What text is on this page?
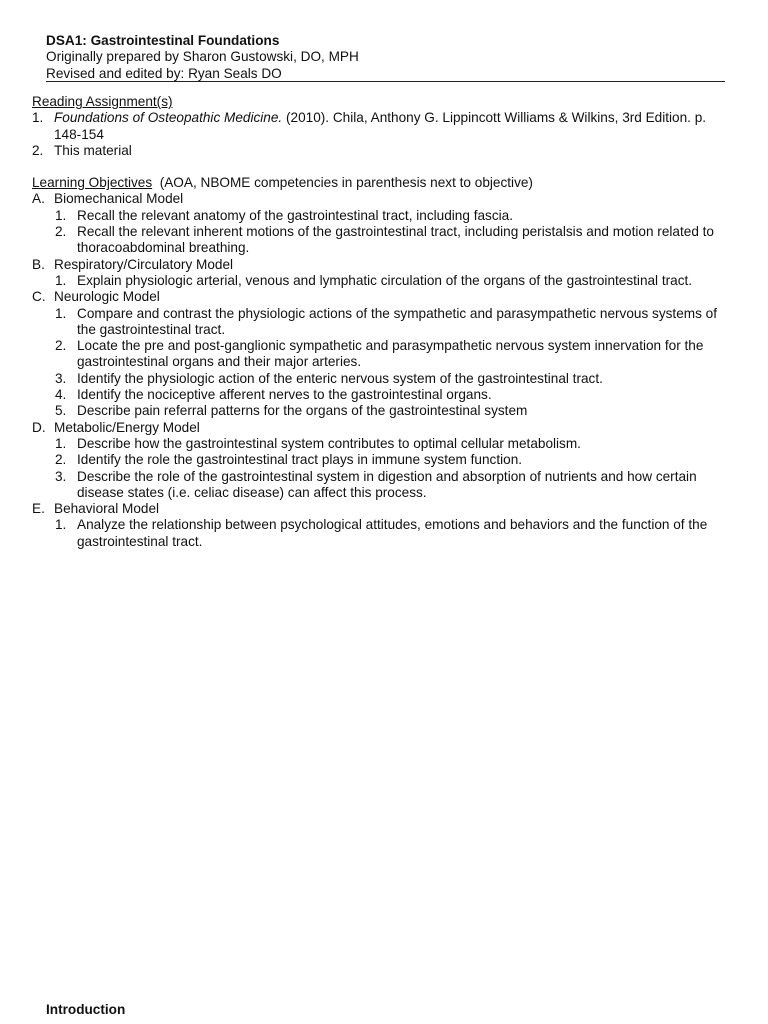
DSA1: Gastrointestinal Foundations
Originally prepared by Sharon Gustowski, DO, MPH
Revised and edited by: Ryan Seals DO
Reading Assignment(s)
1. Foundations of Osteopathic Medicine. (2010). Chila, Anthony G. Lippincott Williams & Wilkins, 3rd Edition. p. 148-154
2. This material
Learning Objectives  (AOA, NBOME competencies in parenthesis next to objective)
A. Biomechanical Model
1. Recall the relevant anatomy of the gastrointestinal tract, including fascia.
2. Recall the relevant inherent motions of the gastrointestinal tract, including peristalsis and motion related to thoracoabdominal breathing.
B. Respiratory/Circulatory Model
1. Explain physiologic arterial, venous and lymphatic circulation of the organs of the gastrointestinal tract.
C. Neurologic Model
1. Compare and contrast the physiologic actions of the sympathetic and parasympathetic nervous systems of the gastrointestinal tract.
2. Locate the pre and post-ganglionic sympathetic and parasympathetic nervous system innervation for the gastrointestinal organs and their major arteries.
3. Identify the physiologic action of the enteric nervous system of the gastrointestinal tract.
4. Identify the nociceptive afferent nerves to the gastrointestinal organs.
5. Describe pain referral patterns for the organs of the gastrointestinal system
D. Metabolic/Energy Model
1. Describe how the gastrointestinal system contributes to optimal cellular metabolism.
2. Identify the role the gastrointestinal tract plays in immune system function.
3. Describe the role of the gastrointestinal system in digestion and absorption of nutrients and how certain disease states (i.e. celiac disease) can affect this process.
E. Behavioral Model
1. Analyze the relationship between psychological attitudes, emotions and behaviors and the function of the gastrointestinal tract.
Introduction
